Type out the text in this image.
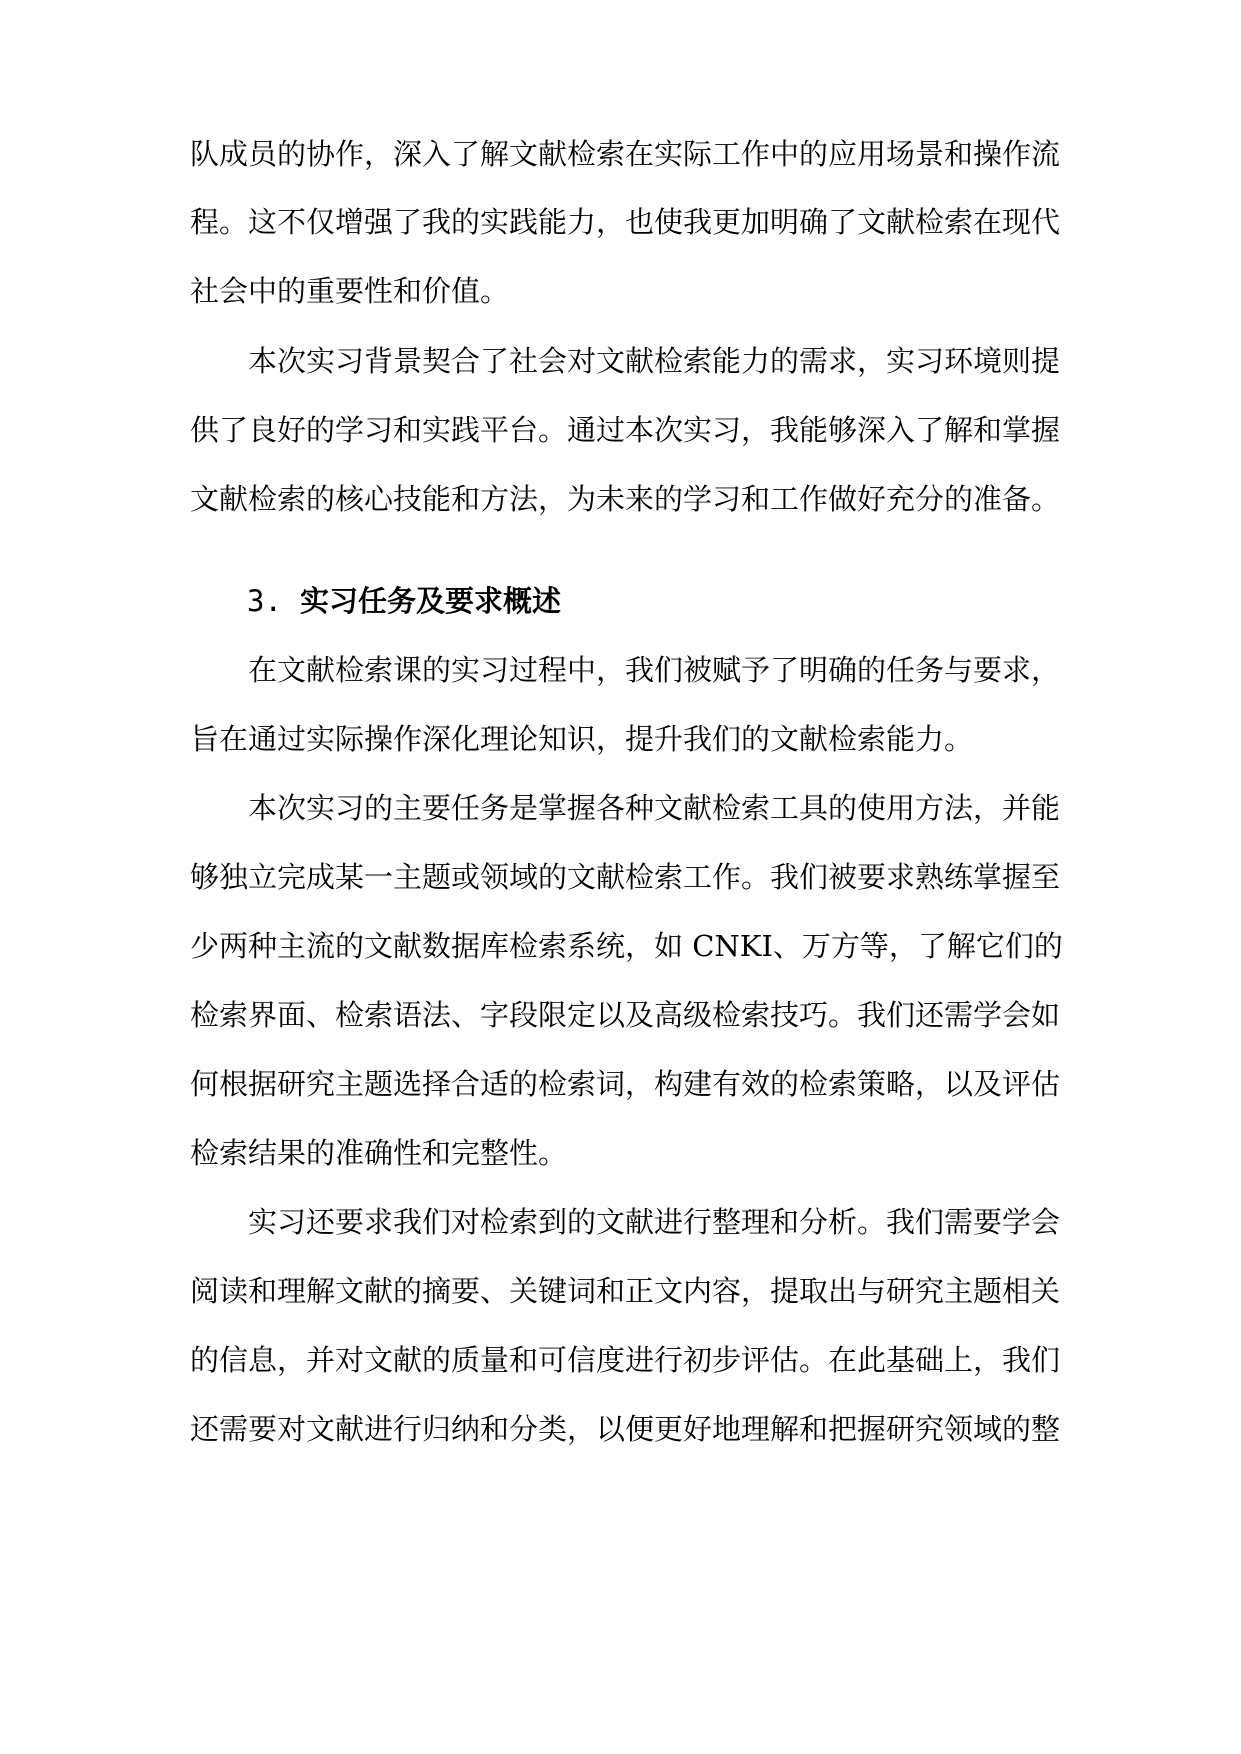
队成员的协作，深入了解文献检索在实际工作中的应用场景和操作流
程。这不仅增强了我的实践能力，也使我更加明确了文献检索在现代
社会中的重要性和价值。
本次实习背景契合了社会对文献检索能力的需求，实习环境则提
供了良好的学习和实践平台。通过本次实习，我能够深入了解和掌握
文献检索的核心技能和方法，为未来的学习和工作做好充分的准备。
3. 实习任务及要求概述
在文献检索课的实习过程中，我们被赋予了明确的任务与要求，
旨在通过实际操作深化理论知识，提升我们的文献检索能力。
本次实习的主要任务是掌握各种文献检索工具的使用方法，并能
够独立完成某一主题或领域的文献检索工作。我们被要求熟练掌握至
少两种主流的文献数据库检索系统，如 CNKI、万方等，了解它们的
检索界面、检索语法、字段限定以及高级检索技巧。我们还需学会如
何根据研究主题选择合适的检索词，构建有效的检索策略，以及评估
检索结果的准确性和完整性。
实习还要求我们对检索到的文献进行整理和分析。我们需要学会
阅读和理解文献的摘要、关键词和正文内容，提取出与研究主题相关
的信息，并对文献的质量和可信度进行初步评估。在此基础上，我们
还需要对文献进行归纳和分类，以便更好地理解和把握研究领域的整
